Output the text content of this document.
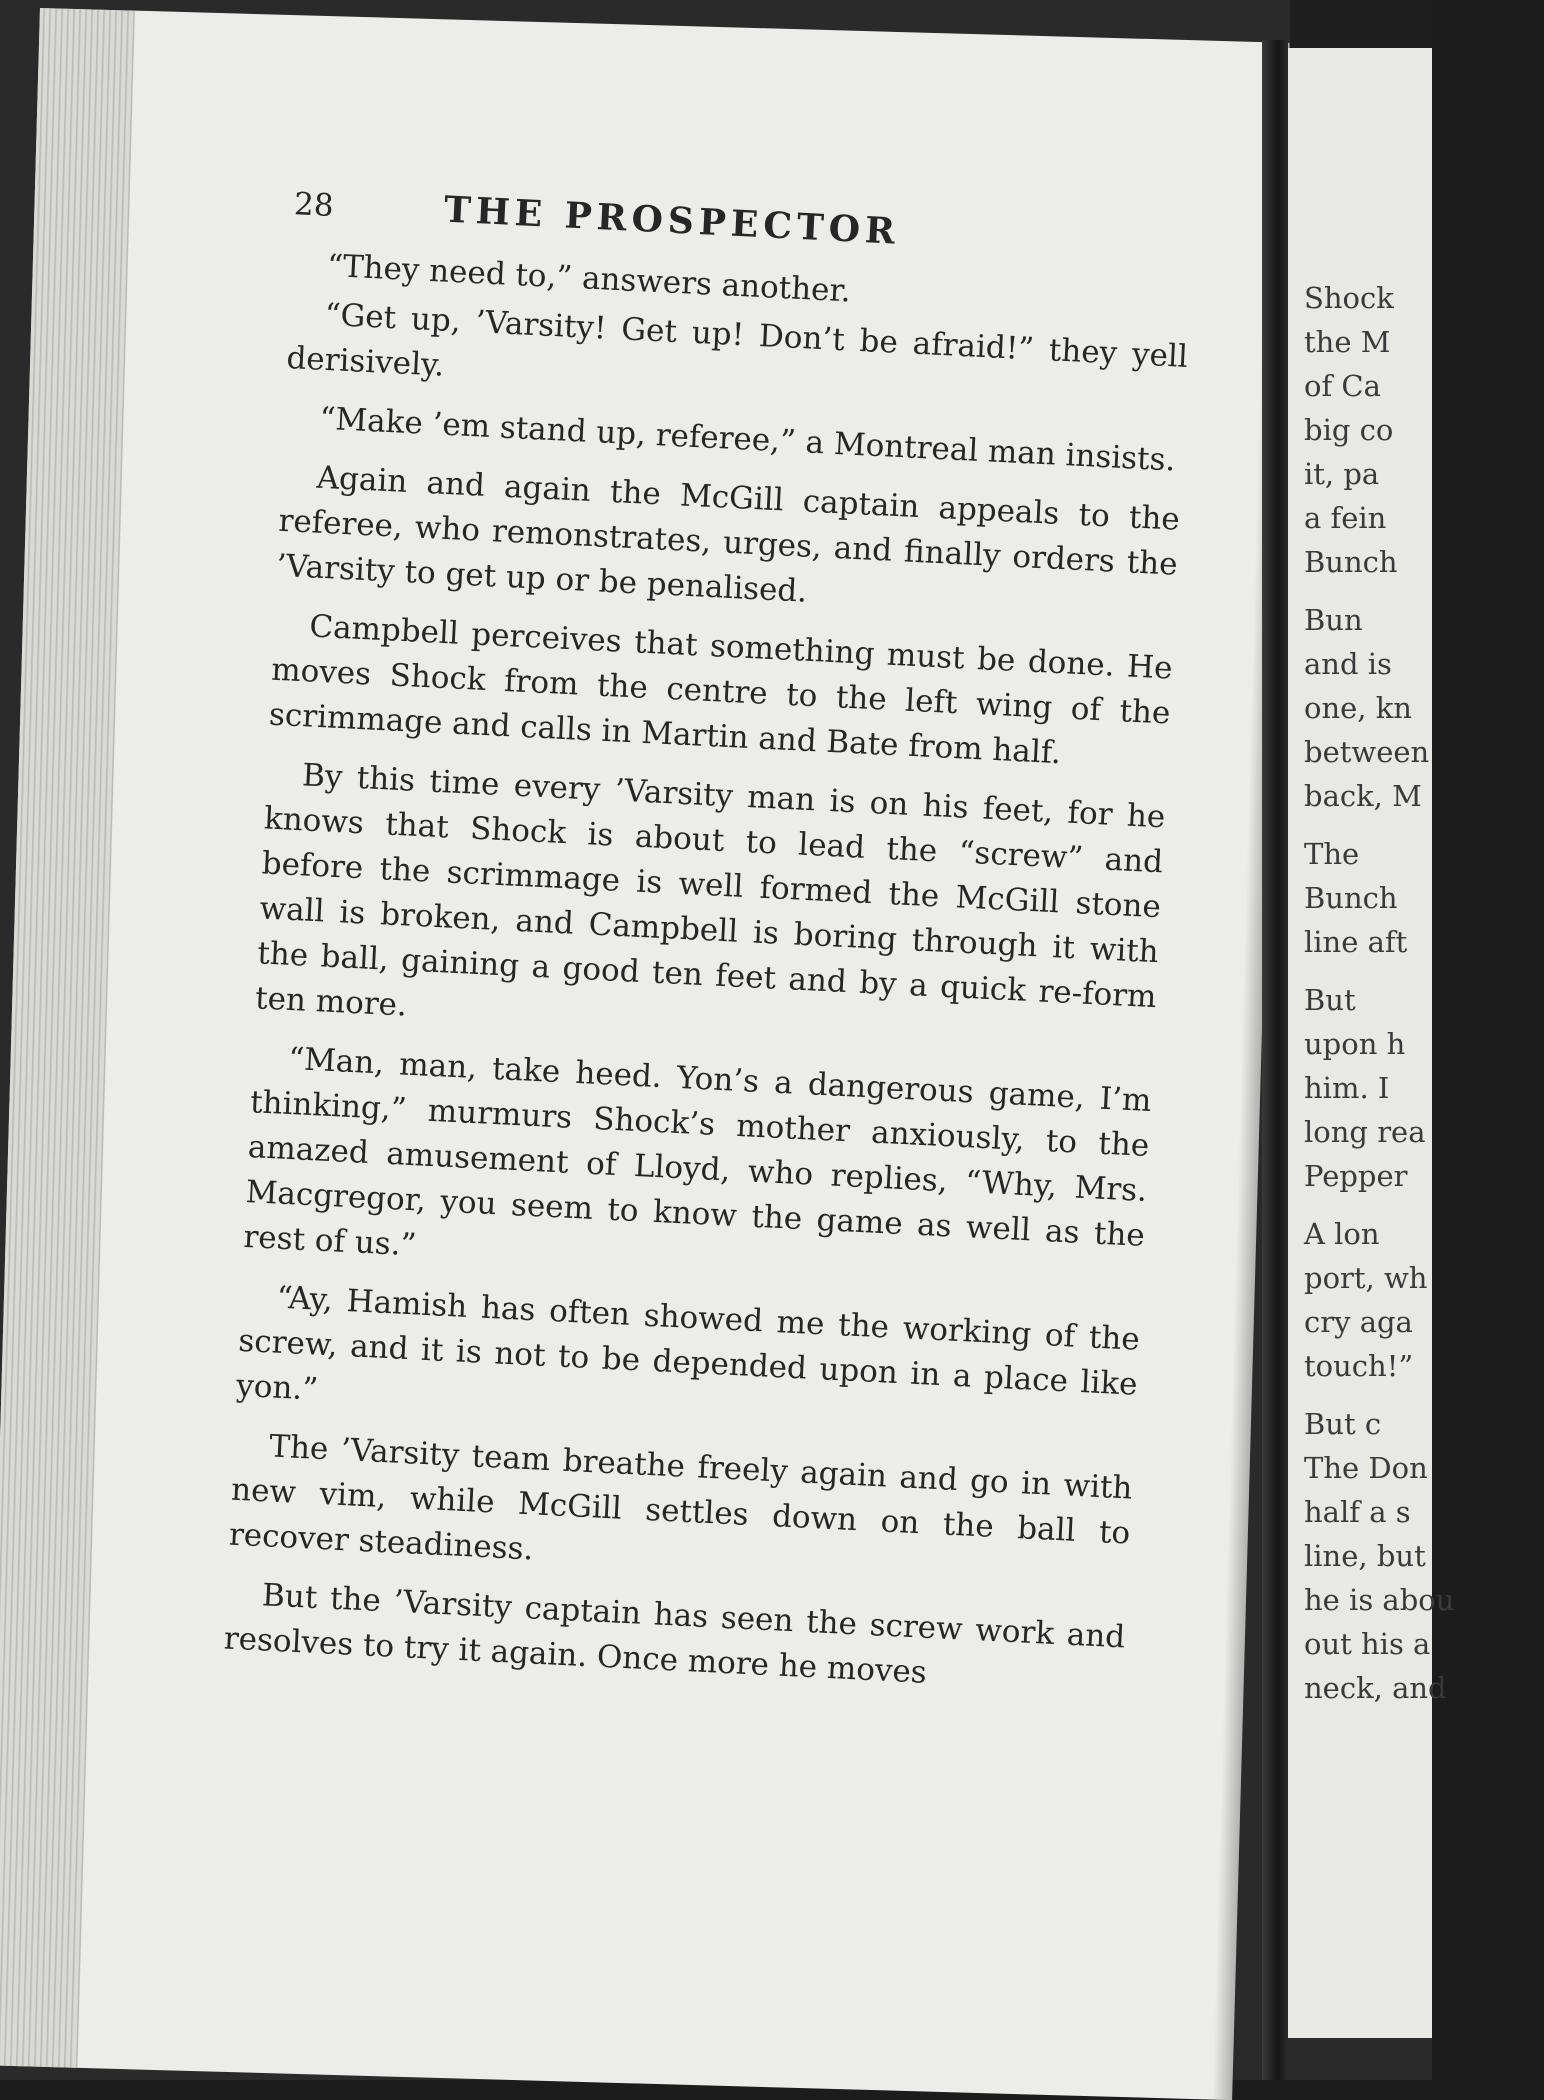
28	THE PROSPECTOR

“They need to,” answers another.

“Get up, ’Varsity! Get up! Don’t be afraid!” they yell derisively.

“Make ’em stand up, referee,” a Montreal man insists.

Again and again the McGill captain appeals to the referee, who remonstrates, urges, and finally orders the ’Varsity to get up or be penalised.

Campbell perceives that something must be done. He moves Shock from the centre to the left wing of the scrimmage and calls in Martin and Bate from half.

By this time every ’Varsity man is on his feet, for he knows that Shock is about to lead the “screw” and before the scrimmage is well formed the McGill stone wall is broken, and Campbell is boring through it with the ball, gaining a good ten feet and by a quick re-form ten more.

“Man, man, take heed. Yon’s a dangerous game, I’m thinking,” murmurs Shock’s mother anxiously, to the amazed amusement of Lloyd, who replies, “Why, Mrs. Macgregor, you seem to know the game as well as the rest of us.”

“Ay, Hamish has often showed me the working of the screw, and it is not to be depended upon in a place like yon.”

The ’Varsity team breathe freely again and go in with new vim, while McGill settles down on the ball to recover steadiness.

But the ’Varsity captain has seen the screw work and resolves to try it again. Once more he moves

Shock
the M
of Ca
big co
it, pa
a fein
Bunch
Bun
and is
one, kn
between
back, M
The
Bunch
line aft
But
upon h
him. I
long rea
Pepper
A lon
port, wh
cry aga
touch!”
But c
The Don
half a s
line, but
he is abou
out his a
neck, and
